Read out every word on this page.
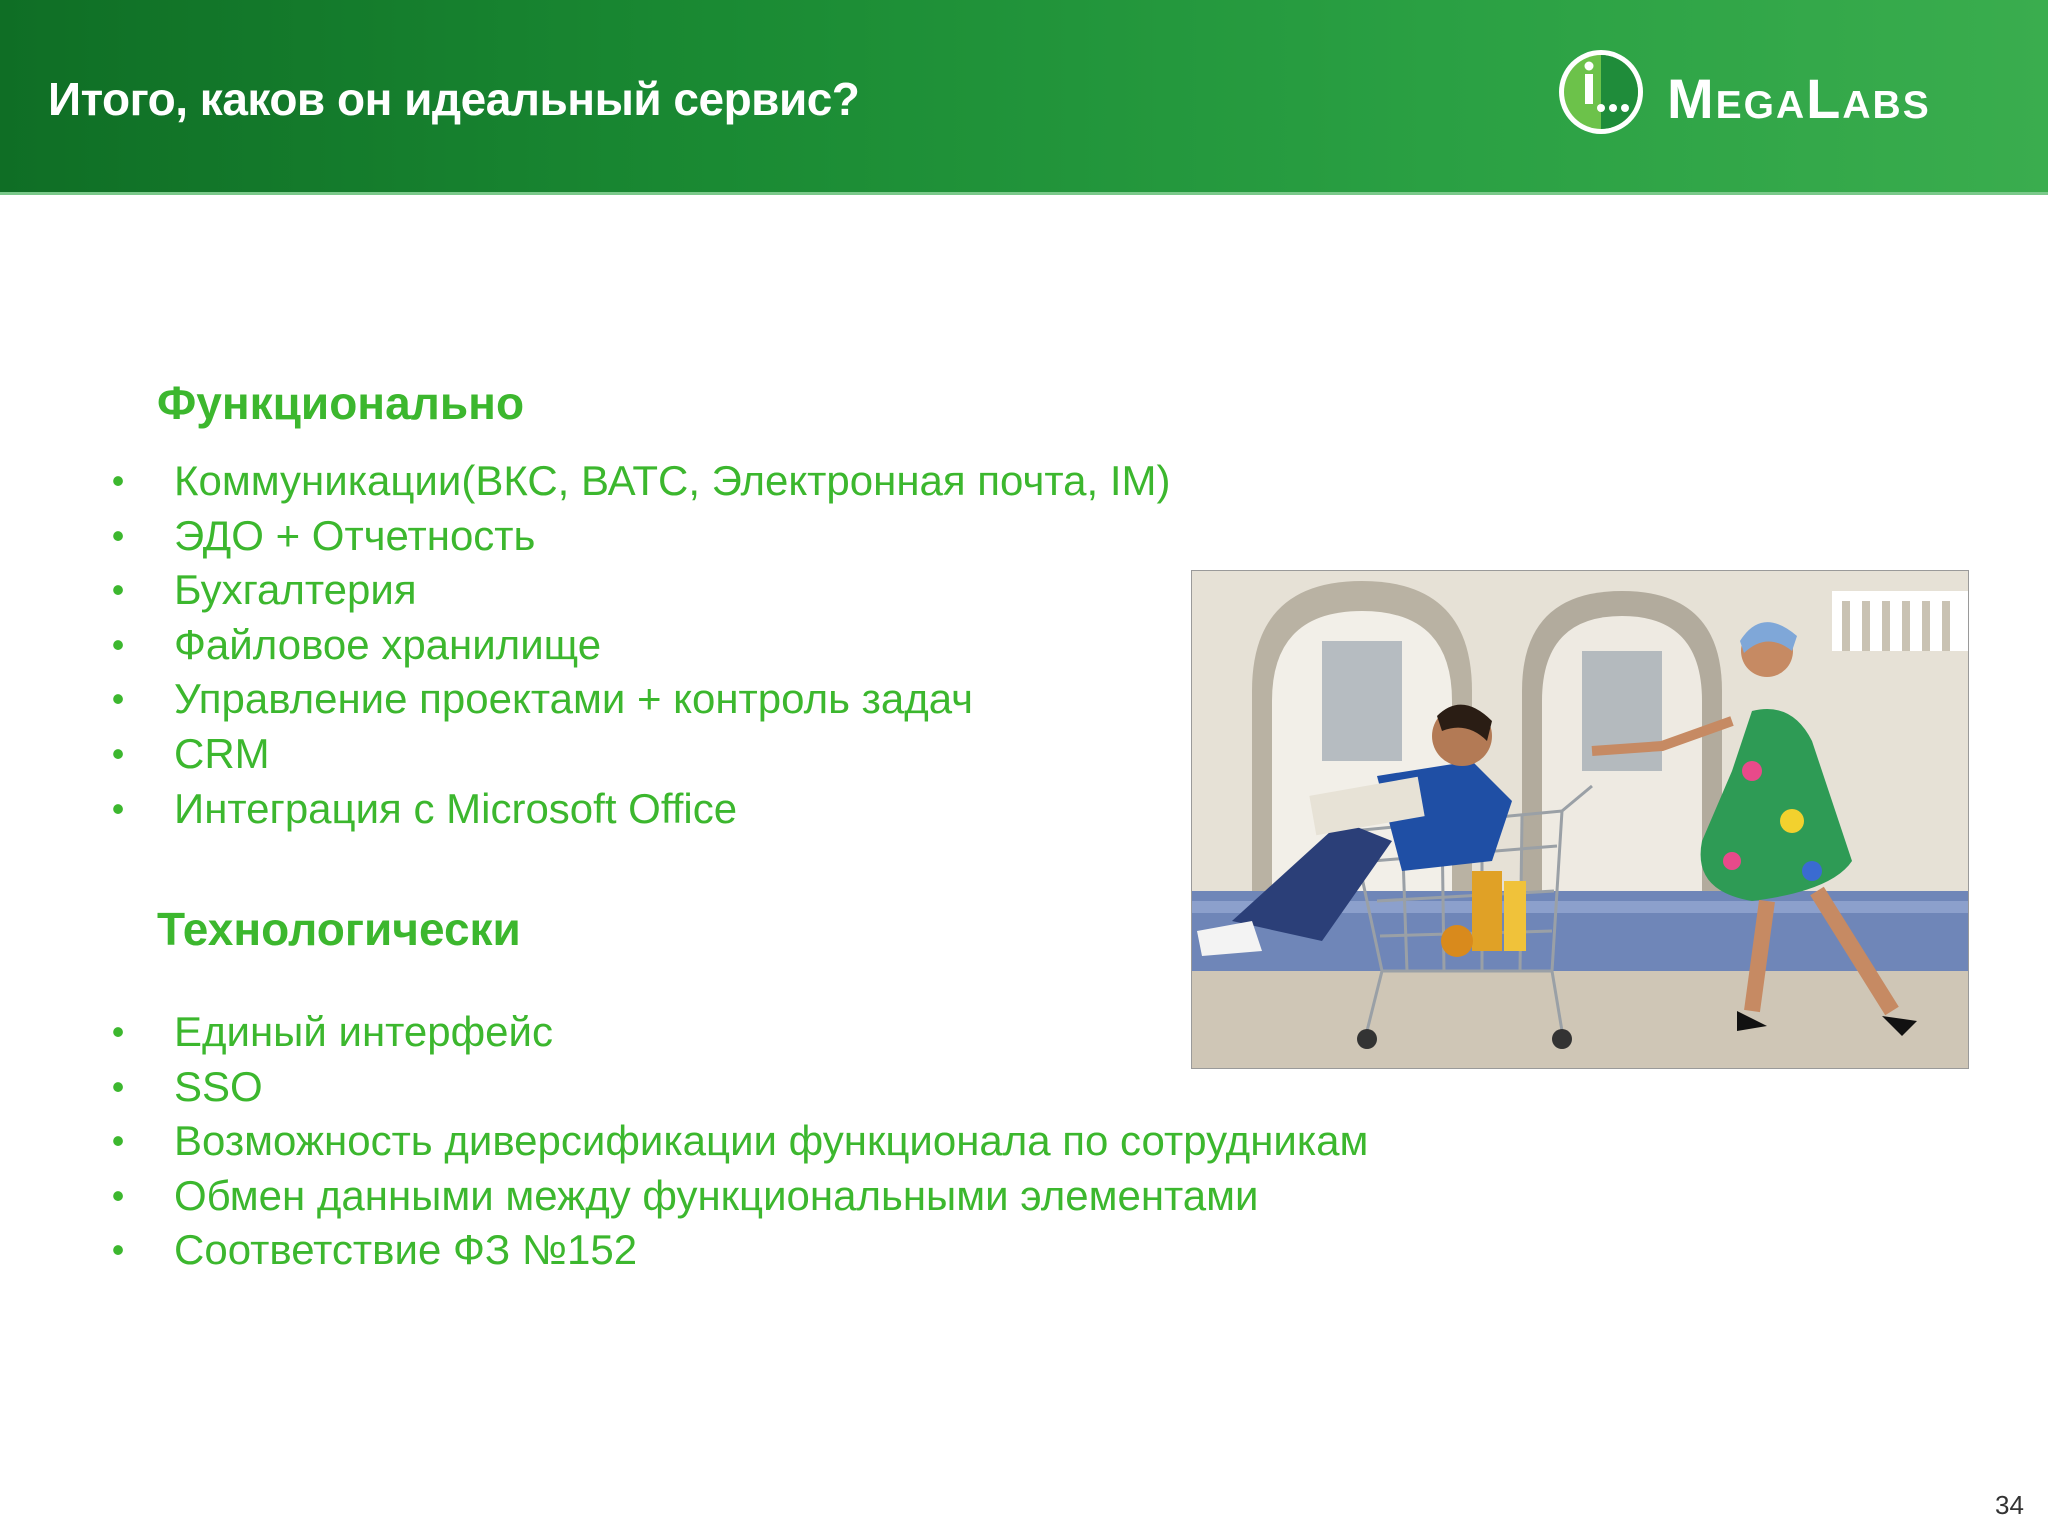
Итого, каков он идеальный сервис?	MegaLabs
Функционально
• Коммуникации(ВКС, ВАТС, Электронная почта, IM)
• ЭДО + Отчетность
• Бухгалтерия
• Файловое хранилище
• Управление проектами + контроль задач
• CRM
• Интеграция с Microsoft Office
Технологически
• Единый интерфейс
• SSO
• Возможность диверсификации функционала по сотрудникам
• Обмен данными между функциональными элементами
• Соответствие ФЗ №152
34
